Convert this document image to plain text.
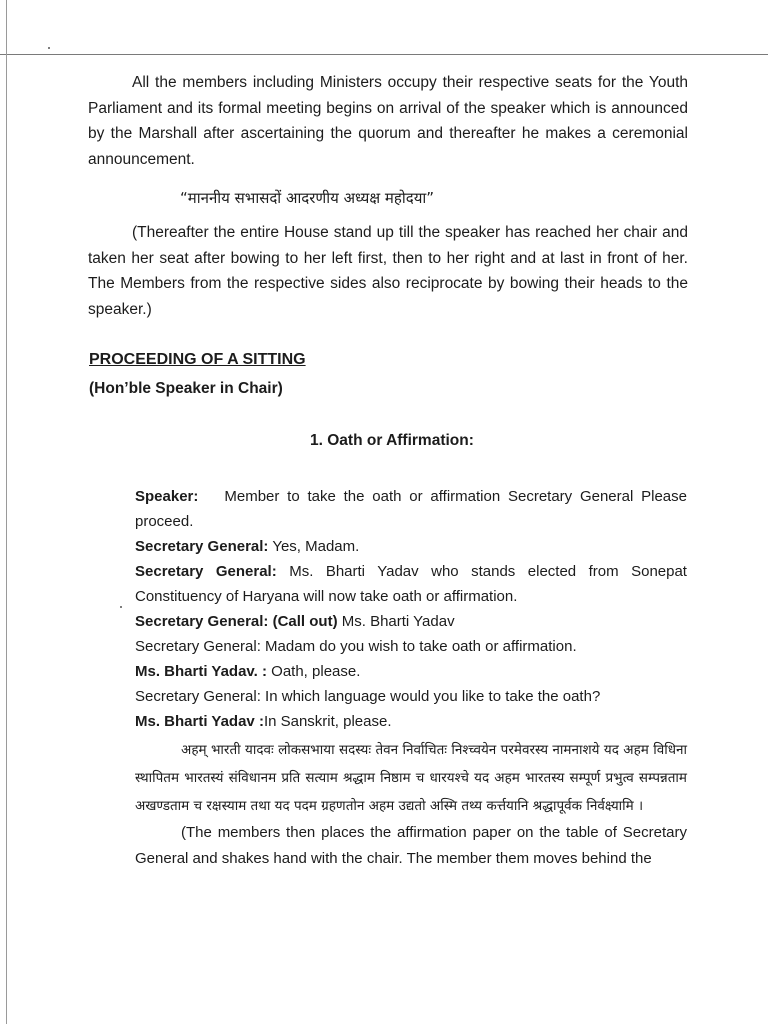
All the members including Ministers occupy their respective seats for the Youth Parliament and its formal meeting begins on arrival of the speaker which is announced by the Marshall after ascertaining the quorum and thereafter he makes a ceremonial announcement.

“माननीय सभासदों आदरणीय अध्यक्ष महोदया”

(Thereafter the entire House stand up till the speaker has reached her chair and taken her seat after bowing to her left first, then to her right and at last in front of her. The Members from the respective sides also reciprocate by bowing their heads to the speaker.)

PROCEEDING OF A SITTING
(Hon’ble Speaker in Chair)
1. Oath or Affirmation:

Speaker: Member to take the oath or affirmation Secretary General Please proceed.

Secretary General: Yes, Madam.

Secretary General: Ms. Bharti Yadav who stands elected from Sonepat Constituency of Haryana will now take oath or affirmation.

Secretary General: (Call out) Ms. Bharti Yadav

Secretary General: Madam do you wish to take oath or affirmation.

Ms. Bharti Yadav. : Oath, please.

Secretary General: In which language would you like to take the oath?

Ms. Bharti Yadav :In Sanskrit, please.

अहम् भारती यादवः लोकसभाया सदस्यः तेवन निर्वाचितः निश्च्वयेन परमेवरस्य नामनाशये यद अहम विधिना स्थापितम भारतस्यं संविधानम प्रति सत्याम श्रद्धाम निष्ठाम च धारयश्चे यद अहम भारतस्य सम्पूर्ण प्रभुत्व सम्पन्नताम अखण्डताम च रक्षस्याम तथा यद पदम ग्रहणतोन अहम उद्यतो अस्मि तथ्य कर्त्तयानि श्रद्धापूर्वक निर्वक्ष्यामि ।

(The members then places the affirmation paper on the table of Secretary General and shakes hand with the chair. The member them moves behind the
